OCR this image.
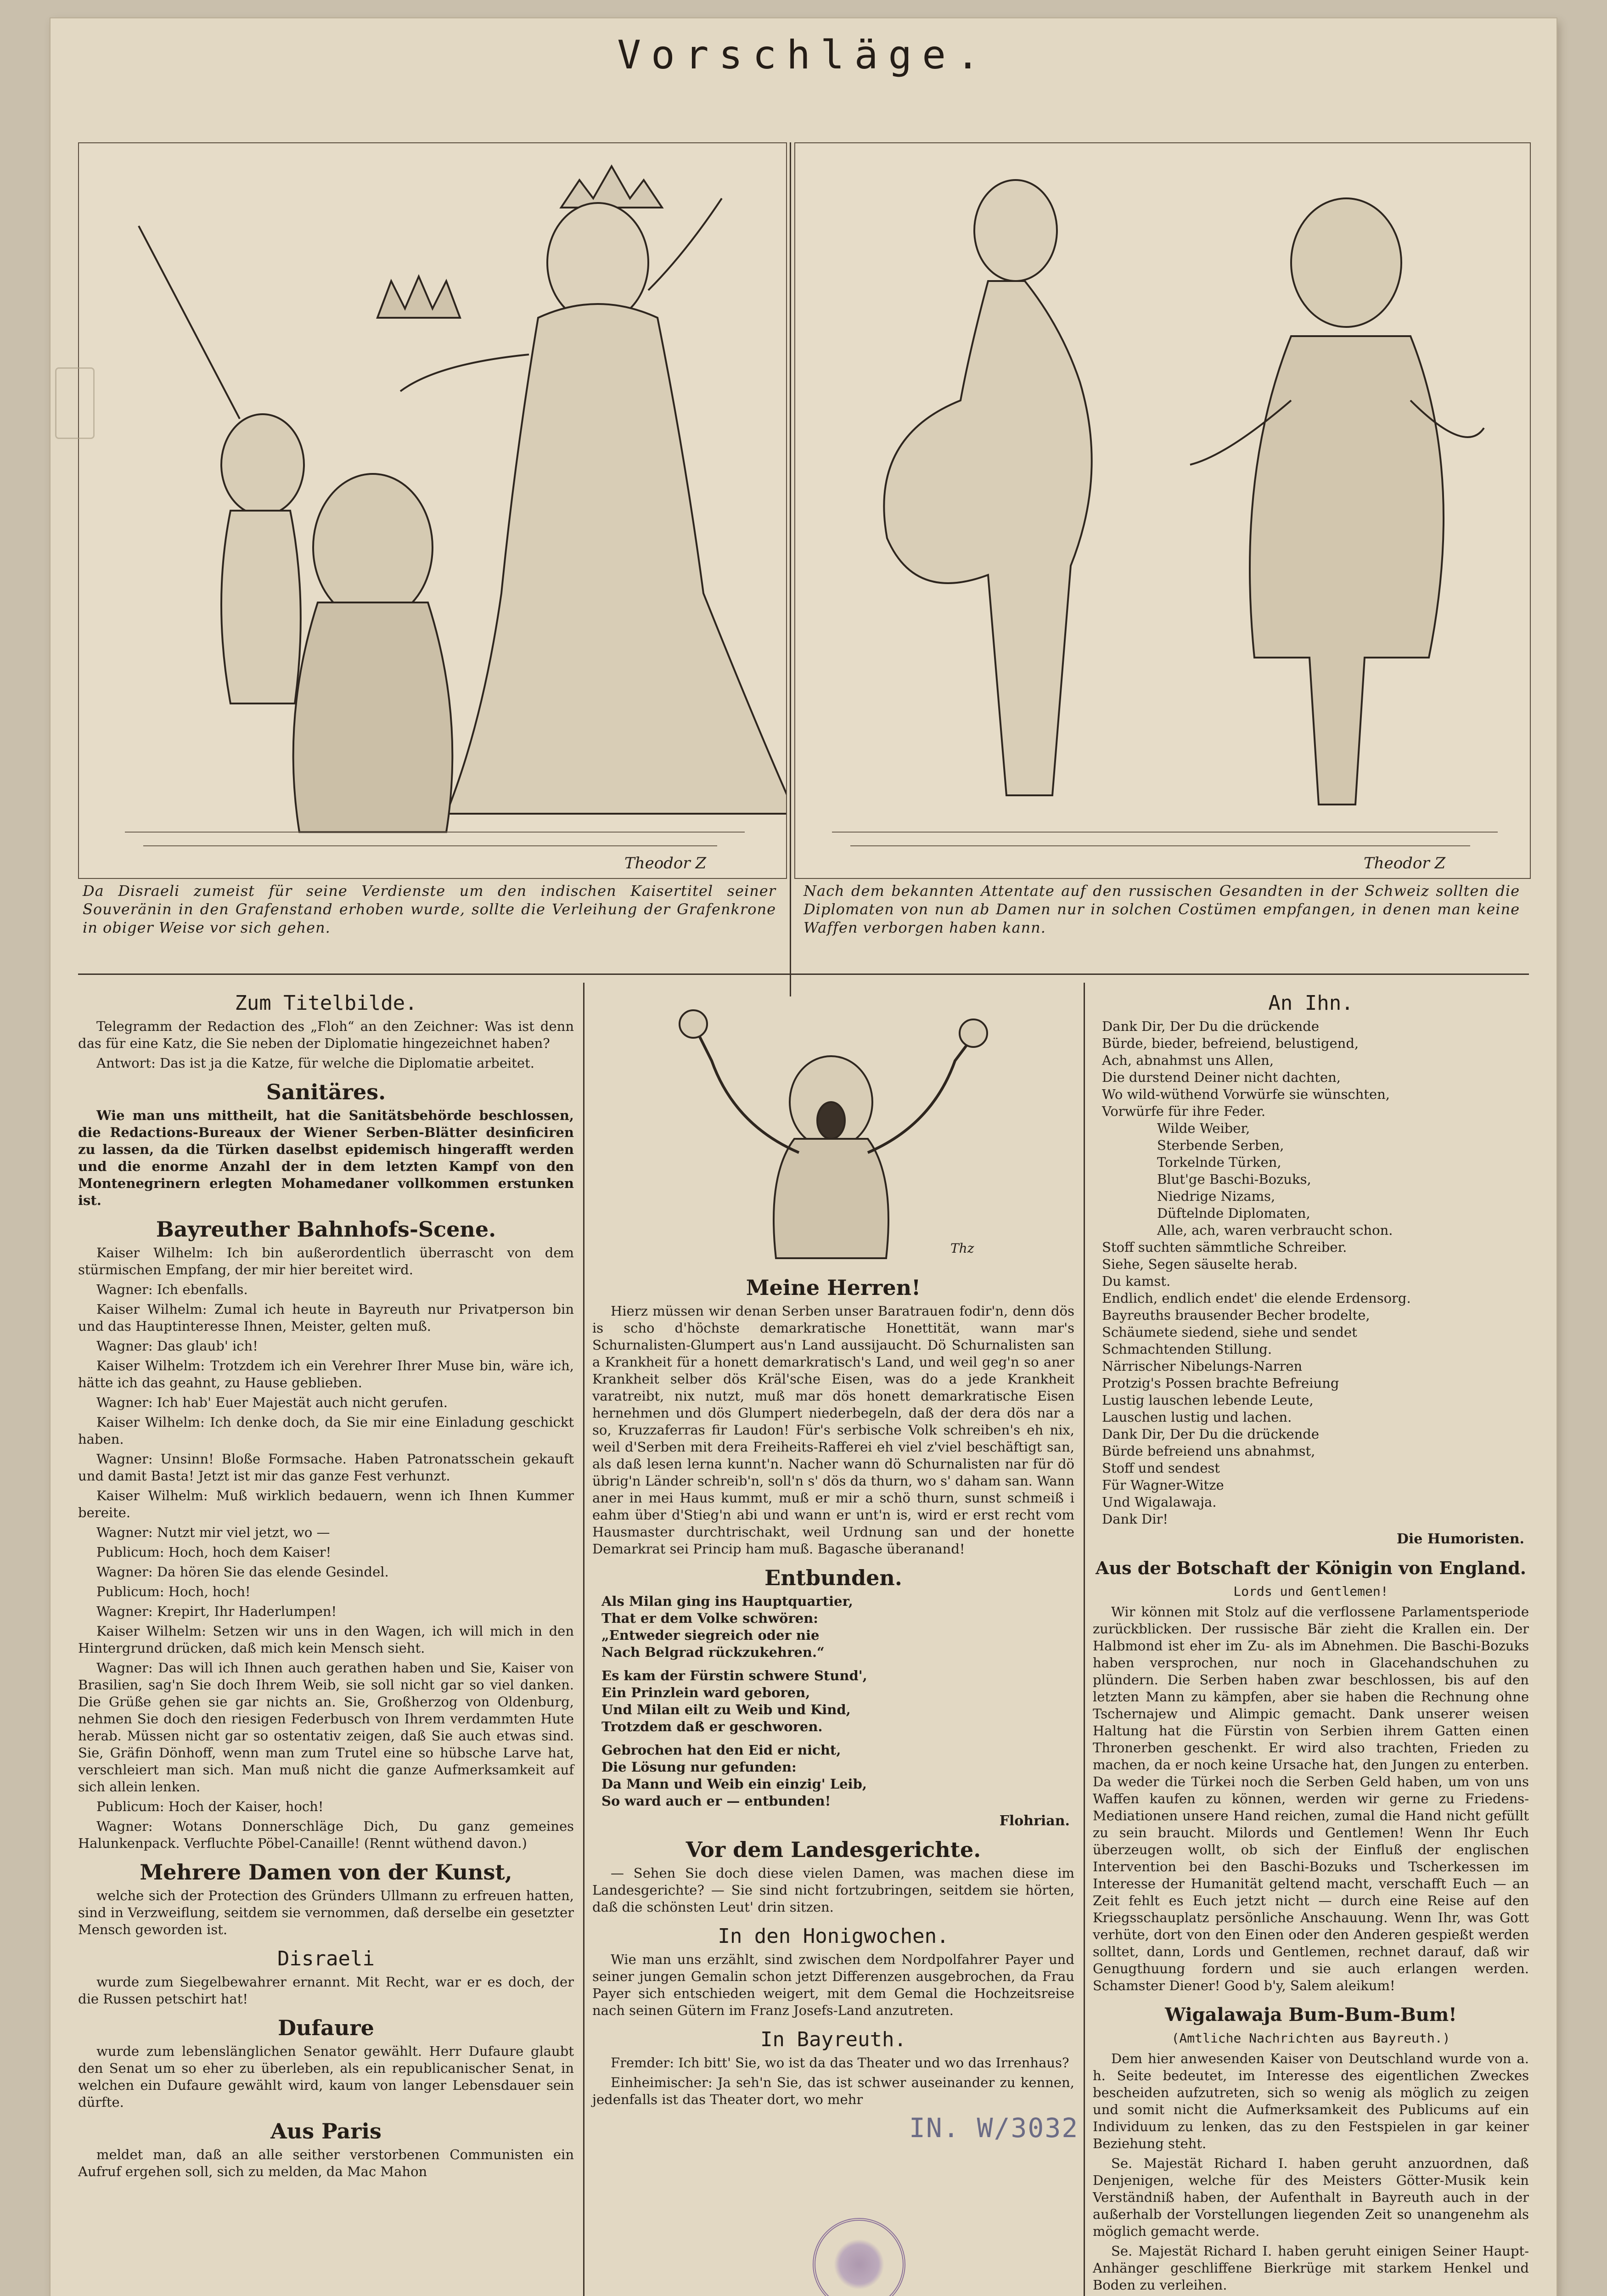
Vorschläge.
Theodor Z	Theodor Z
Da Disraeli zumeist für seine Verdienste um den indischen Kaisertitel seiner Souveränin in den Grafenstand erhoben wurde, sollte die Verleihung der Grafenkrone in obiger Weise vor sich gehen.
Nach dem bekannten Attentate auf den russischen Gesandten in der Schweiz sollten die Diplomaten von nun ab Damen nur in solchen Costümen empfangen, in denen man keine Waffen verborgen haben kann.
Zum Titelbilde.

Telegramm der Redaction des „Floh“ an den Zeichner: Was ist denn das für eine Katz, die Sie neben der Diplomatie hingezeichnet haben?

Antwort: Das ist ja die Katze, für welche die Diplomatie arbeitet.

Sanitäres.

Wie man uns mittheilt, hat die Sanitätsbehörde beschlossen, die Redactions-Bureaux der Wiener Serben-Blätter desinficiren zu lassen, da die Türken daselbst epidemisch hingerafft werden und die enorme Anzahl der in dem letzten Kampf von den Montenegrinern erlegten Mohamedaner vollkommen erstunken ist.

Bayreuther Bahnhofs-Scene.

Kaiser Wilhelm: Ich bin außerordentlich überrascht von dem stürmischen Empfang, der mir hier bereitet wird.

Wagner: Ich ebenfalls.

Kaiser Wilhelm: Zumal ich heute in Bayreuth nur Privatperson bin und das Hauptinteresse Ihnen, Meister, gelten muß.

Wagner: Das glaub' ich!

Kaiser Wilhelm: Trotzdem ich ein Verehrer Ihrer Muse bin, wäre ich, hätte ich das geahnt, zu Hause geblieben.

Wagner: Ich hab' Euer Majestät auch nicht gerufen.

Kaiser Wilhelm: Ich denke doch, da Sie mir eine Einladung geschickt haben.

Wagner: Unsinn! Bloße Formsache. Haben Patronatsschein gekauft und damit Basta! Jetzt ist mir das ganze Fest verhunzt.

Kaiser Wilhelm: Muß wirklich bedauern, wenn ich Ihnen Kummer bereite.

Wagner: Nutzt mir viel jetzt, wo —

Publicum: Hoch, hoch dem Kaiser!

Wagner: Da hören Sie das elende Gesindel.

Publicum: Hoch, hoch!

Wagner: Krepirt, Ihr Haderlumpen!

Kaiser Wilhelm: Setzen wir uns in den Wagen, ich will mich in den Hintergrund drücken, daß mich kein Mensch sieht.

Wagner: Das will ich Ihnen auch gerathen haben und Sie, Kaiser von Brasilien, sag'n Sie doch Ihrem Weib, sie soll nicht gar so viel danken. Die Grüße gehen sie gar nichts an. Sie, Großherzog von Oldenburg, nehmen Sie doch den riesigen Federbusch von Ihrem verdammten Hute herab. Müssen nicht gar so ostentativ zeigen, daß Sie auch etwas sind. Sie, Gräfin Dönhoff, wenn man zum Trutel eine so hübsche Larve hat, verschleiert man sich. Man muß nicht die ganze Aufmerksamkeit auf sich allein lenken.

Publicum: Hoch der Kaiser, hoch!

Wagner: Wotans Donnerschläge Dich, Du ganz gemeines Halunkenpack. Verfluchte Pöbel-Canaille! (Rennt wüthend davon.)

Mehrere Damen von der Kunst,

welche sich der Protection des Gründers Ullmann zu erfreuen hatten, sind in Verzweiflung, seitdem sie vernommen, daß derselbe ein gesetzter Mensch geworden ist.

Disraeli

wurde zum Siegelbewahrer ernannt. Mit Recht, war er es doch, der die Russen petschirt hat!

Dufaure

wurde zum lebenslänglichen Senator gewählt. Herr Dufaure glaubt den Senat um so eher zu überleben, als ein republicanischer Senat, in welchen ein Dufaure gewählt wird, kaum von langer Lebensdauer sein dürfte.

Aus Paris

meldet man, daß an alle seither verstorbenen Communisten ein Aufruf ergehen soll, sich zu melden, da Mac Mahon

Thz
Meine Herren!

Hierz müssen wir denan Serben unser Baratrauen fodir'n, denn dös is scho d'höchste demarkratische Honettität, wann mar's Schurnalisten-Glumpert aus'n Land aussijaucht. Dö Schurnalisten san a Krankheit für a honett demarkratisch's Land, und weil geg'n so aner Krankheit selber dös Kräl'sche Eisen, was do a jede Krankheit varatreibt, nix nutzt, muß mar dös honett demarkratische Eisen hernehmen und dös Glumpert niederbegeln, daß der dera dös nar a so, Kruzzaferras fir Laudon! Für's serbische Volk schreiben's eh nix, weil d'Serben mit dera Freiheits-Rafferei eh viel z'viel beschäftigt san, als daß lesen lerna kunnt'n. Nacher wann dö Schurnalisten nar für dö übrig'n Länder schreib'n, soll'n s' dös da thurn, wo s' daham san. Wann aner in mei Haus kummt, muß er mir a schö thurn, sunst schmeiß i eahm über d'Stieg'n abi und wann er unt'n is, wird er erst recht vom Hausmaster durchtrischakt, weil Urdnung san und der honette Demarkrat sei Princip ham muß. Bagasche überanand!

Entbunden.
Als Milan ging ins Hauptquartier,
That er dem Volke schwören:
„Entweder siegreich oder nie
Nach Belgrad rückzukehren.“
Es kam der Fürstin schwere Stund',
Ein Prinzlein ward geboren,
Und Milan eilt zu Weib und Kind,
Trotzdem daß er geschworen.
Gebrochen hat den Eid er nicht,
Die Lösung nur gefunden:
Da Mann und Weib ein einzig' Leib,
So ward auch er — entbunden!
Flohrian.
Vor dem Landesgerichte.

— Sehen Sie doch diese vielen Damen, was machen diese im Landesgerichte? — Sie sind nicht fortzubringen, seitdem sie hörten, daß die schönsten Leut' drin sitzen.

In den Honigwochen.

Wie man uns erzählt, sind zwischen dem Nordpolfahrer Payer und seiner jungen Gemalin schon jetzt Differenzen ausgebrochen, da Frau Payer sich entschieden weigert, mit dem Gemal die Hochzeitsreise nach seinen Gütern im Franz Josefs-Land anzutreten.

In Bayreuth.

Fremder: Ich bitt' Sie, wo ist da das Theater und wo das Irrenhaus?

Einheimischer: Ja seh'n Sie, das ist schwer auseinander zu kennen, jedenfalls ist das Theater dort, wo mehr

An Ihn.
Dank Dir, Der Du die drückende
Bürde, bieder, befreiend, belustigend,
Ach, abnahmst uns Allen,
Die durstend Deiner nicht dachten,
Wo wild-wüthend Vorwürfe sie wünschten,
Vorwürfe für ihre Feder.
Wilde Weiber,
Sterbende Serben,
Torkelnde Türken,
Blut'ge Baschi-Bozuks,
Niedrige Nizams,
Düftelnde Diplomaten,
Alle, ach, waren verbraucht schon.
Stoff suchten sämmtliche Schreiber.
Siehe, Segen säuselte herab.
Du kamst.
Endlich, endlich endet' die elende Erdensorg.
Bayreuths brausender Becher brodelte,
Schäumete siedend, siehe und sendet
Schmachtenden Stillung.
Närrischer Nibelungs-Narren
Protzig's Possen brachte Befreiung
Lustig lauschen lebende Leute,
Lauschen lustig und lachen.
Dank Dir, Der Du die drückende
Bürde befreiend uns abnahmst,
Stoff und sendest
Für Wagner-Witze
Und Wigalawaja.
Dank Dir!
Die Humoristen.
Aus der Botschaft der Königin von England.
Lords und Gentlemen!

Wir können mit Stolz auf die verflossene Parlamentsperiode zurückblicken. Der russische Bär zieht die Krallen ein. Der Halbmond ist eher im Zu- als im Abnehmen. Die Baschi-Bozuks haben versprochen, nur noch in Glacehandschuhen zu plündern. Die Serben haben zwar beschlossen, bis auf den letzten Mann zu kämpfen, aber sie haben die Rechnung ohne Tschernajew und Alimpic gemacht. Dank unserer weisen Haltung hat die Fürstin von Serbien ihrem Gatten einen Thronerben geschenkt. Er wird also trachten, Frieden zu machen, da er noch keine Ursache hat, den Jungen zu enterben. Da weder die Türkei noch die Serben Geld haben, um von uns Waffen kaufen zu können, werden wir gerne zu Friedens-Mediationen unsere Hand reichen, zumal die Hand nicht gefüllt zu sein braucht. Milords und Gentlemen! Wenn Ihr Euch überzeugen wollt, ob sich der Einfluß der englischen Intervention bei den Baschi-Bozuks und Tscherkessen im Interesse der Humanität geltend macht, verschafft Euch — an Zeit fehlt es Euch jetzt nicht — durch eine Reise auf den Kriegsschauplatz persönliche Anschauung. Wenn Ihr, was Gott verhüte, dort von den Einen oder den Anderen gespießt werden solltet, dann, Lords und Gentlemen, rechnet darauf, daß wir Genugthuung fordern und sie auch erlangen werden. Schamster Diener! Good b'y, Salem aleikum!

Wigalawaja Bum-Bum-Bum!
(Amtliche Nachrichten aus Bayreuth.)

Dem hier anwesenden Kaiser von Deutschland wurde von a. h. Seite bedeutet, im Interesse des eigentlichen Zweckes bescheiden aufzutreten, sich so wenig als möglich zu zeigen und somit nicht die Aufmerksamkeit des Publicums auf ein Individuum zu lenken, das zu den Festspielen in gar keiner Beziehung steht.

Se. Majestät Richard I. haben geruht anzuordnen, daß Denjenigen, welche für des Meisters Götter-Musik kein Verständniß haben, der Aufenthalt in Bayreuth auch in der außerhalb der Vorstellungen liegenden Zeit so unangenehm als möglich gemacht werde.

Se. Majestät Richard I. haben geruht einigen Seiner Haupt-Anhänger geschliffene Bierkrüge mit starkem Henkel und Boden zu verleihen.

IN. W/3032
